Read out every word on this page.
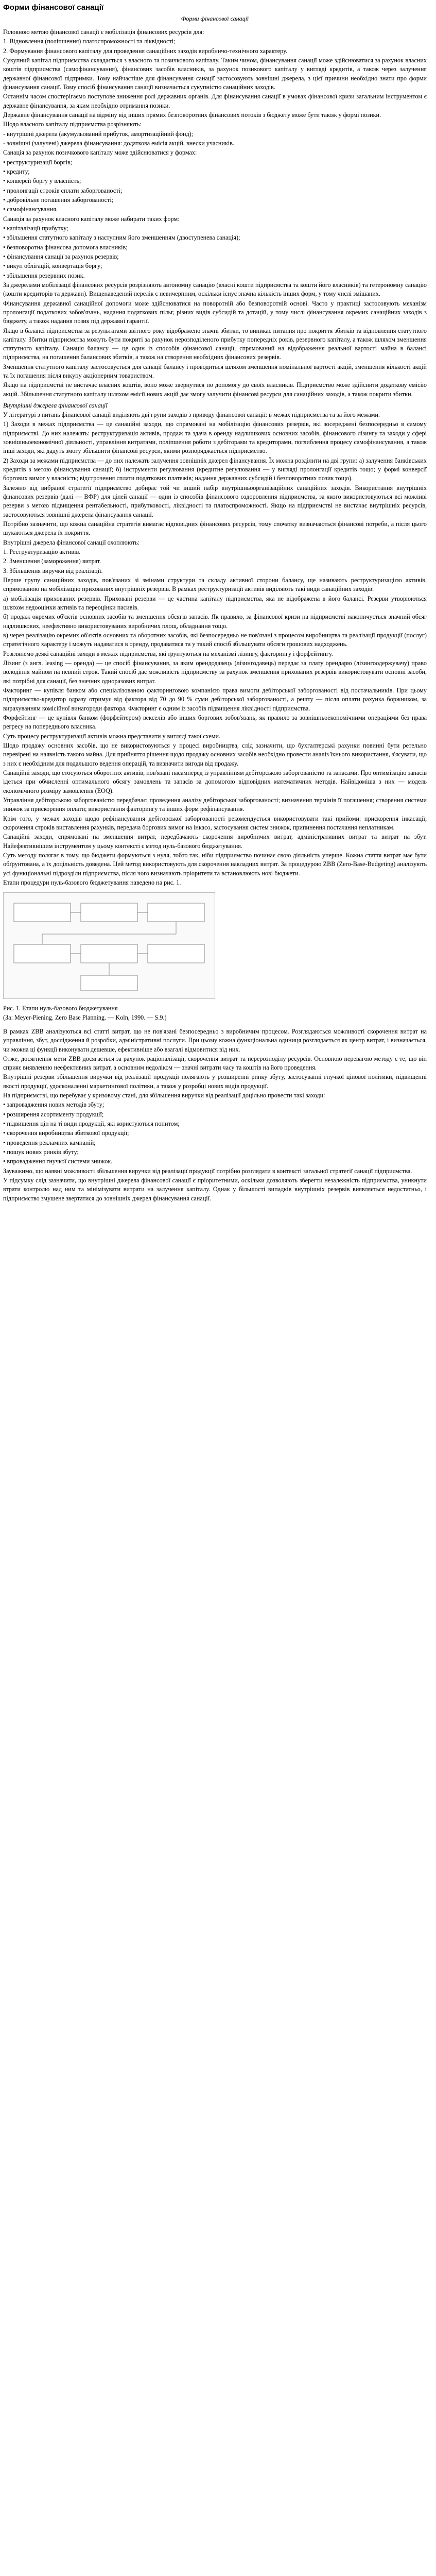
Форми фінансової санації
Форми фінансової санації

Головною метою фінансової санації є мобілізація фінансових ресурсів для:

1. Відновлення (поліпшення) платоспроможності та ліквідності;

2. Формування фінансового капіталу для проведення санаційних заходів виробничо-технічного характеру.

Сукупний капітал підприємства складається з власного та позичкового капіталу. Таким чином, фінансування санації може здійснюватися за рахунок власних коштів підприємства (самофінансування), фінансових засобів власників, за рахунок позикового капіталу у вигляді кредитів, а також через залучення державної фінансової підтримки. Тому найчастіше для фінансування санації застосовують зовнішні джерела, з цієї причини необхідно знати про форми фінансування санації. Тому спосіб фінансування санації визначається сукупністю санаційних заходів.

Останнім часом спостерігаємо поступове зниження ролі державних органів. Для фінансування санації в умовах фінансової кризи загальним інструментом є державне фінансування, за яким необхідно отримання позики.

Державне фінансування санації на відміну від інших прямих безповоротних фінансових потоків з бюджету може бути також у формі позики.

Щодо власного капіталу підприємства розрізняють:

- внутрішні джерела (акумульований прибуток, амортизаційний фонд);

- зовнішні (залучені) джерела фінансування: додаткова емісія акцій, внески учасників.

Санація за рахунок позичкового капіталу може здійснюватися у формах:

• реструктуризації боргів;

• кредиту;

• конверсії боргу у власність;

• пролонгації строків сплати заборгованості;

• добровільне погашення заборгованості;

• самофінансування.

Санація за рахунок власного капіталу може набирати таких форм:

• капіталізації прибутку;

• збільшення статутного капіталу з наступним його зменшенням (двоступенева санація);

• безповоротна фінансова допомога власників;

• фінансування санації за рахунок резервів;

• викуп облігацій, конвертація боргу;

• збільшення резервних позик.

За джерелами мобілізації фінансових ресурсів розрізняють автономну санацію (власні кошти підприємства та кошти його власників) та гетерономну санацію (кошти кредиторів та держави). Вищенаведений перелік є невичерпним, оскільки існує значна кількість інших форм, у тому числі змішаних.

Фінансування державної санаційної допомоги може здійснюватися на поворотній або безповоротній основі. Часто у практиці застосовують механізм пролонгації податкових зобов'язань, надання податкових пільг, різних видів субсидій та дотацій, у тому числі фінансування окремих санаційних заходів з бюджету, а також надання позик під державні гарантії.

Якщо в балансі підприємства за результатами звітного року відображено значні збитки, то виникає питання про покриття збитків та відновлення статутного капіталу. Збитки підприємства можуть бути покриті за рахунок нерозподіленого прибутку попередніх років, резервного капіталу, а також шляхом зменшення статутного капіталу. Санація балансу — це один із способів фінансової санації, спрямований на відображення реальної вартості майна в балансі підприємства, на погашення балансових збитків, а також на створення необхідних фінансових резервів.

Зменшення статутного капіталу застосовується для санації балансу і проводиться шляхом зменшення номінальної вартості акцій, зменшення кількості акцій та їх погашення після викупу акціонерним товариством.

Якщо на підприємстві не вистачає власних коштів, воно може звернутися по допомогу до своїх власників. Підприємство може здійснити додаткову емісію акцій. Збільшення статутного капіталу шляхом емісії нових акцій дає змогу залучити фінансові ресурси для санаційних заходів, а також покрити збитки.

Внутрішні джерела фінансової санації

У літературі з питань фінансової санації виділяють дві групи заходів з приводу фінансової санації: в межах підприємства та за його межами.

1) Заходи в межах підприємства — це санаційні заходи, що спрямовані на мобілізацію фінансових резервів, які зосереджені безпосередньо в самому підприємстві. До них належать: реструктуризація активів, продаж та здача в оренду надлишкових основних засобів, фінансового лізингу та заходи у сфері зовнішньоекономічної діяльності, управління витратами, поліпшення роботи з дебіторами та кредиторами, поглиблення процесу самофінансування, а також інші заходи, які дадуть змогу збільшити фінансові ресурси, якими розпоряджається підприємство.

2) Заходи за межами підприємства — до них належать залучення зовнішніх джерел фінансування. Їх можна розділити на дві групи: а) залучення банківських кредитів з метою фінансування санації; б) інструменти регулювання (кредитне регулювання — у вигляді пролонгації кредитів тощо; у формі конверсії боргових вимог у власність; відстрочення сплати податкових платежів; надання державних субсидій і безповоротних позик тощо).

Залежно від вибраної стратегії підприємство добирає той чи інший набір внутрішньоорганізаційних санаційних заходів. Використання внутрішніх фінансових резервів (далі — ВФР) для цілей санації — один із способів фінансового оздоровлення підприємства, за якого використовуються всі можливі резерви з метою підвищення рентабельності, прибутковості, ліквідності та платоспроможності. Якщо на підприємстві не вистачає внутрішніх ресурсів, застосовуються зовнішні джерела фінансування санації.

Потрібно зазначити, що кожна санаційна стратегія вимагає відповідних фінансових ресурсів, тому спочатку визначаються фінансові потреби, а після цього шукаються джерела їх покриття.

Внутрішні джерела фінансової санації охоплюють:

1. Реструктуризацію активів.

2. Зменшення (замороження) витрат.

3. Збільшення виручки від реалізації.

Перше групу санаційних заходів, пов'язаних зі змінами структури та складу активної сторони балансу, ще називають реструктуризацією активів, спрямованою на мобілізацію прихованих внутрішніх резервів. В рамках реструктуризації активів виділяють такі види санаційних заходів:

а) мобілізація прихованих резервів. Приховані резерви — це частина капіталу підприємства, яка не відображена в його балансі. Резерви утворюються шляхом недооцінки активів та переоцінки пасивів.

б) продаж окремих об'єктів основних засобів та зменшення обсягів запасів. Як правило, за фінансової кризи на підприємстві накопичується значний обсяг надлишкових, неефективно використовуваних виробничих площ, обладнання тощо.

в) через реалізацію окремих об'єктів основних та оборотних засобів, які безпосередньо не пов'язані з процесом виробництва та реалізації продукції (послуг) стратегічного характеру і можуть надаватися в оренду, продаватися та у такий спосіб збільшувати обсяги грошових надходжень.

Розглянемо деякі санаційні заходи в межах підприємства, які ґрунтуються на механізмі лізингу, факторингу і форфейтингу.

Лізинг (з англ. leasing — оренда) — це спосіб фінансування, за яким орендодавець (лізингодавець) передає за плату орендарю (лізингоодержувачу) право володіння майном на певний строк. Такий спосіб дає можливість підприємству за рахунок зменшення прихованих резервів використовувати основні засоби, які потрібні для санації, без значних одноразових витрат.

Факторинг — купівля банком або спеціалізованою факторинговою компанією права вимоги дебіторської заборгованості від постачальників. При цьому підприємство-кредитор одразу отримує від фактора від 70 до 90 % суми дебіторської заборгованості, а решту — після оплати рахунка боржником, за вирахуванням комісійної винагороди фактора. Факторинг є одним із засобів підвищення ліквідності підприємства.

Форфейтинг — це купівля банком (форфейтером) векселів або інших боргових зобов'язань, як правило за зовнішньоекономічними операціями без права регресу на попереднього власника.

Суть процесу реструктуризації активів можна представити у вигляді такої схеми.

Щодо продажу основних засобів, що не використовуються у процесі виробництва, слід зазначити, що бухгалтерські рахунки повинні бути ретельно перевірені на наявність такого майна. Для прийняття рішення щодо продажу основних засобів необхідно провести аналіз їхнього використання, з'ясувати, що з них є необхідним для подальшого ведення операцій, та визначити вигоди від продажу.

Санаційні заходи, що стосуються оборотних активів, пов'язані насамперед із управлінням дебіторською заборгованістю та запасами. Про оптимізацію запасів ідеться при обчисленні оптимального обсягу замовлень та запасів за допомогою відповідних математичних методів. Найвідоміша з них — модель економічного розміру замовлення (EOQ).

Управління дебіторською заборгованістю передбачає: проведення аналізу дебіторської заборгованості; визначення термінів її погашення; створення системи знижок за прискорення оплати; використання факторингу та інших форм рефінансування.

Крім того, у межах заходів щодо рефінансування дебіторської заборгованості рекомендується використовувати такі прийоми: прискорення інкасації, скорочення строків виставлення рахунків, передача боргових вимог на інкасо, застосування систем знижок, припинення постачання неплатникам.

Санаційні заходи, спрямовані на зменшення витрат, передбачають скорочення виробничих витрат, адміністративних витрат та витрат на збут. Найефективнішим інструментом у цьому контексті є метод нуль-базового бюджетування.

Суть методу полягає в тому, що бюджети формуються з нуля, тобто так, ніби підприємство починає свою діяльність уперше. Кожна стаття витрат має бути обґрунтована, а їх доцільність доведена. Цей метод використовують для скорочення накладних витрат. За процедурою ZBB (Zero-Base-Budgeting) аналізують усі функціональні підрозділи підприємства, після чого визначають пріоритети та встановлюють нові бюджети.

Етапи процедури нуль-базового бюджетування наведено на рис. 1.

Рис. 1. Етапи нуль-базового бюджетування
(За: Meyer-Piening. Zero Base Planning. — Koln, 1990. — S.9.)

В рамках ZBB аналізуються всі статті витрат, що не пов'язані безпосередньо з виробничим процесом. Розглядаються можливості скорочення витрат на управління, збут, дослідження й розробки, адміністративні послуги. При цьому кожна функціональна одиниця розглядається як центр витрат, і визначається, чи можна ці функції виконувати дешевше, ефективніше або взагалі відмовитися від них.

Отже, досягнення мети ZBB досягається за рахунок раціоналізації, скорочення витрат та перерозподілу ресурсів. Основною перевагою методу є те, що він сприяє виявленню неефективних витрат, а основним недоліком — значні витрати часу та коштів на його проведення.

Внутрішні резерви збільшення виручки від реалізації продукції полягають у розширенні ринку збуту, застосуванні гнучкої цінової політики, підвищенні якості продукції, удосконаленні маркетингової політики, а також у розробці нових видів продукції.

На підприємстві, що перебуває у кризовому стані, для збільшення виручки від реалізації доцільно провести такі заходи:

• запровадження нових методів збуту;

• розширення асортименту продукції;

• підвищення цін на ті види продукції, які користуються попитом;

• скорочення виробництва збиткової продукції;

• проведення рекламних кампаній;

• пошук нових ринків збуту;

• впровадження гнучкої системи знижок.

Зауважимо, що наявні можливості збільшення виручки від реалізації продукції потрібно розглядати в контексті загальної стратегії санації підприємства.

У підсумку слід зазначити, що внутрішні джерела фінансової санації є пріоритетними, оскільки дозволяють зберегти незалежність підприємства, уникнути втрати контролю над ним та мінімізувати витрати на залучення капіталу. Однак у більшості випадків внутрішніх резервів виявляється недостатньо, і підприємство змушене звертатися до зовнішніх джерел фінансування санації.
